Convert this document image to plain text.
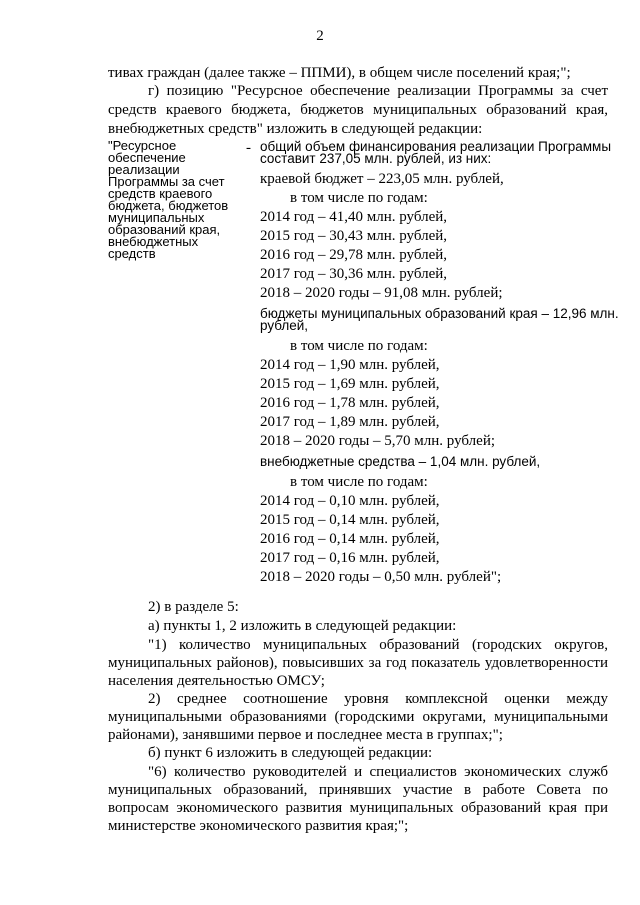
2
тивах граждан (далее также – ППМИ), в общем числе поселений края;";
г) позицию "Ресурсное обеспечение реализации Программы за счет средств краевого бюджета, бюджетов муниципальных образований края, внебюджетных средств" изложить в следующей редакции:
"Ресурсное обеспечение реализации Программы за счет средств краевого бюджета, бюджетов муниципальных образований края, внебюджетных средств
- общий объем финансирования реализации Программы
составит 237,05 млн. рублей, из них:
краевой бюджет – 223,05 млн. рублей,
в том числе по годам:
2014 год – 41,40 млн. рублей,
2015 год – 30,43 млн. рублей,
2016 год – 29,78 млн. рублей,
2017 год – 30,36 млн. рублей,
2018 – 2020 годы – 91,08 млн. рублей;
бюджеты муниципальных образований края – 12,96 млн.
рублей,
в том числе по годам:
2014 год – 1,90 млн. рублей,
2015 год – 1,69 млн. рублей,
2016 год – 1,78 млн. рублей,
2017 год – 1,89 млн. рублей,
2018 – 2020 годы – 5,70 млн. рублей;
внебюджетные средства – 1,04 млн. рублей,
в том числе по годам:
2014 год – 0,10 млн. рублей,
2015 год – 0,14 млн. рублей,
2016 год – 0,14 млн. рублей,
2017 год – 0,16 млн. рублей,
2018 – 2020 годы – 0,50 млн. рублей";
2) в разделе 5:
а) пункты 1, 2 изложить в следующей редакции:
"1) количество муниципальных образований (городских округов, муниципальных районов), повысивших за год показатель удовлетворенности населения деятельностью ОМСУ;
2) среднее соотношение уровня комплексной оценки между муниципальными образованиями (городскими округами, муниципальными районами), занявшими первое и последнее места в группах;";
б) пункт 6 изложить в следующей редакции:
"6) количество руководителей и специалистов экономических служб муниципальных образований, принявших участие в работе Совета по вопросам экономического развития муниципальных образований края при министерстве экономического развития края;";
